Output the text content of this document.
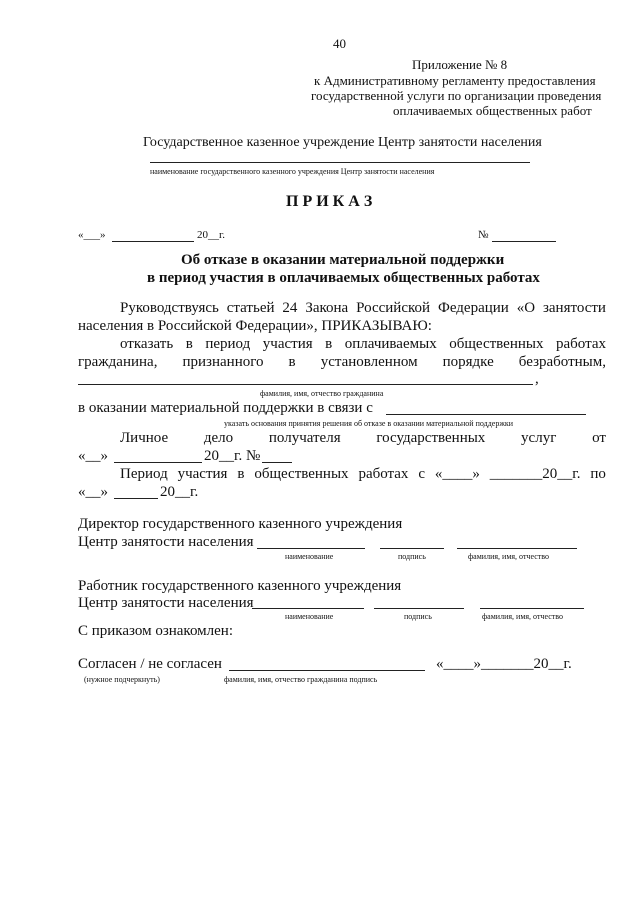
40
Приложение № 8
к Административному регламенту предоставления
государственной услуги по организации проведения
оплачиваемых общественных работ
Государственное казенное учреждение Центр занятости населения
наименование государственного казенного учреждения Центр занятости населения
П Р И К А З
«___»	20__г.	№
Об отказе в оказании материальной поддержки
в период участия в оплачиваемых общественных работах
Руководствуясь статьей 24 Закона Российской Федерации «О занятости
населения в Российской Федерации», ПРИКАЗЫВАЮ:
отказать в период участия в оплачиваемых общественных работах
гражданина, признанного в установленном порядке безработным,
,
фамилия, имя, отчество гражданина
в оказании материальной поддержки в связи с
указать основания принятия решения об отказе в оказании материальной поддержки
Личное дело получателя государственных услуг от
«__»	20__г. №
Период участия в общественных работах с «____» _______20__г. по
«__»	20__г.
Директор государственного казенного учреждения
Центр занятости населения
наименование	подпись	фамилия, имя, отчество
Работник государственного казенного учреждения
Центр занятости населения
наименование	подпись	фамилия, имя, отчество
С приказом ознакомлен:
Согласен / не согласен	«____»_______20__г.
(нужное подчеркнуть)	фамилия, имя, отчество гражданина подпись
